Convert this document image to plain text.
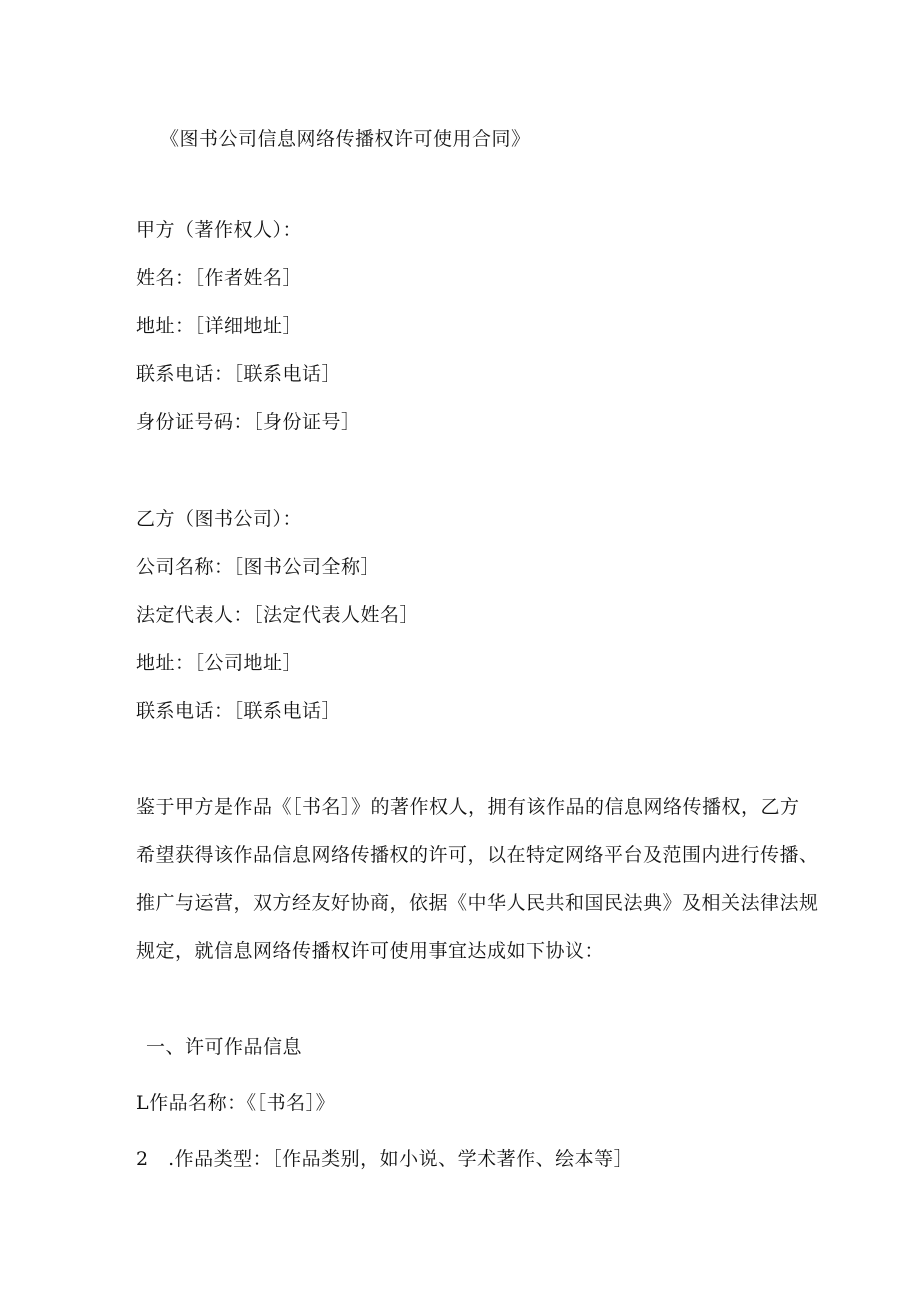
《图书公司信息网络传播权许可使用合同》
甲方（著作权人）：
姓名：［作者姓名］
地址：［详细地址］
联系电话：［联系电话］
身份证号码：［身份证号］
乙方（图书公司）：
公司名称：［图书公司全称］
法定代表人：［法定代表人姓名］
地址：［公司地址］
联系电话：［联系电话］
鉴于甲方是作品《［书名］》的著作权人，拥有该作品的信息网络传播权，乙方
希望获得该作品信息网络传播权的许可，以在特定网络平台及范围内进行传播、
推广与运营，双方经友好协商，依据《中华人民共和国民法典》及相关法律法规
规定，就信息网络传播权许可使用事宜达成如下协议：
一、许可作品信息
L作品名称：《［书名］》
2　.作品类型：［作品类别，如小说、学术著作、绘本等］
